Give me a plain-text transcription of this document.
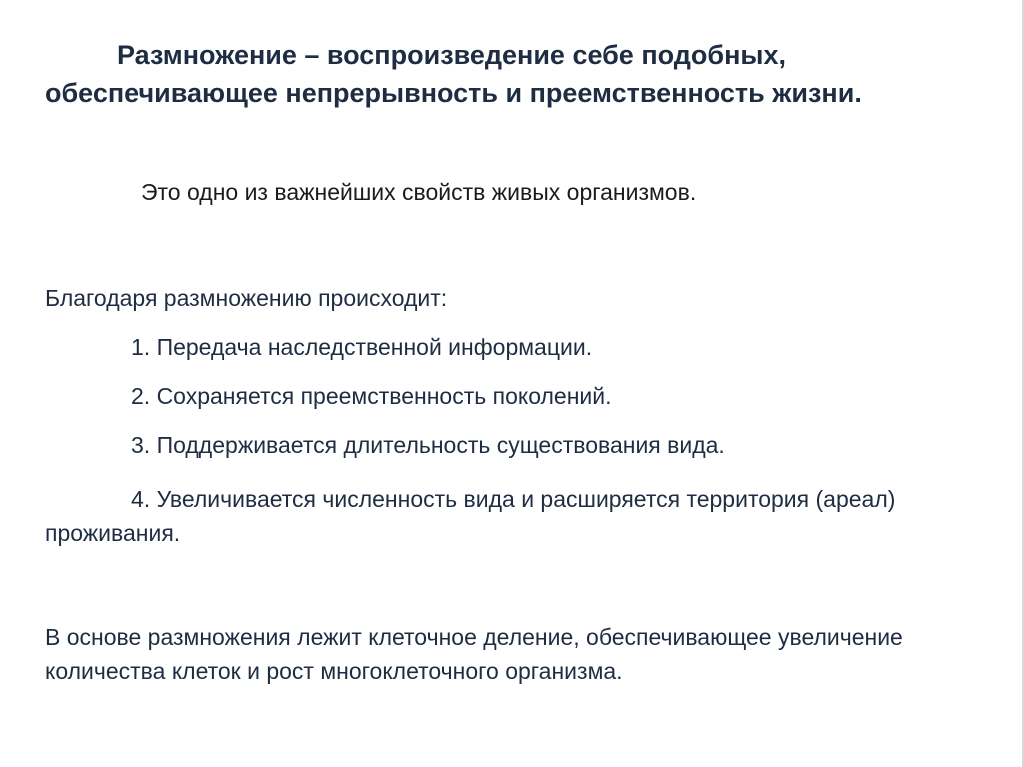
Размножение – воспроизведение себе подобных, обеспечивающее непрерывность и преемственность жизни.

Это одно из важнейших свойств живых организмов.

Благодаря размножению происходит:

1. Передача наследственной информации.

2. Сохраняется преемственность поколений.

3. Поддерживается длительность существования вида.

4. Увеличивается численность вида и расширяется территория (ареал) проживания.

В основе размножения лежит клеточное деление, обеспечивающее увеличение количества клеток и рост многоклеточного организма.
